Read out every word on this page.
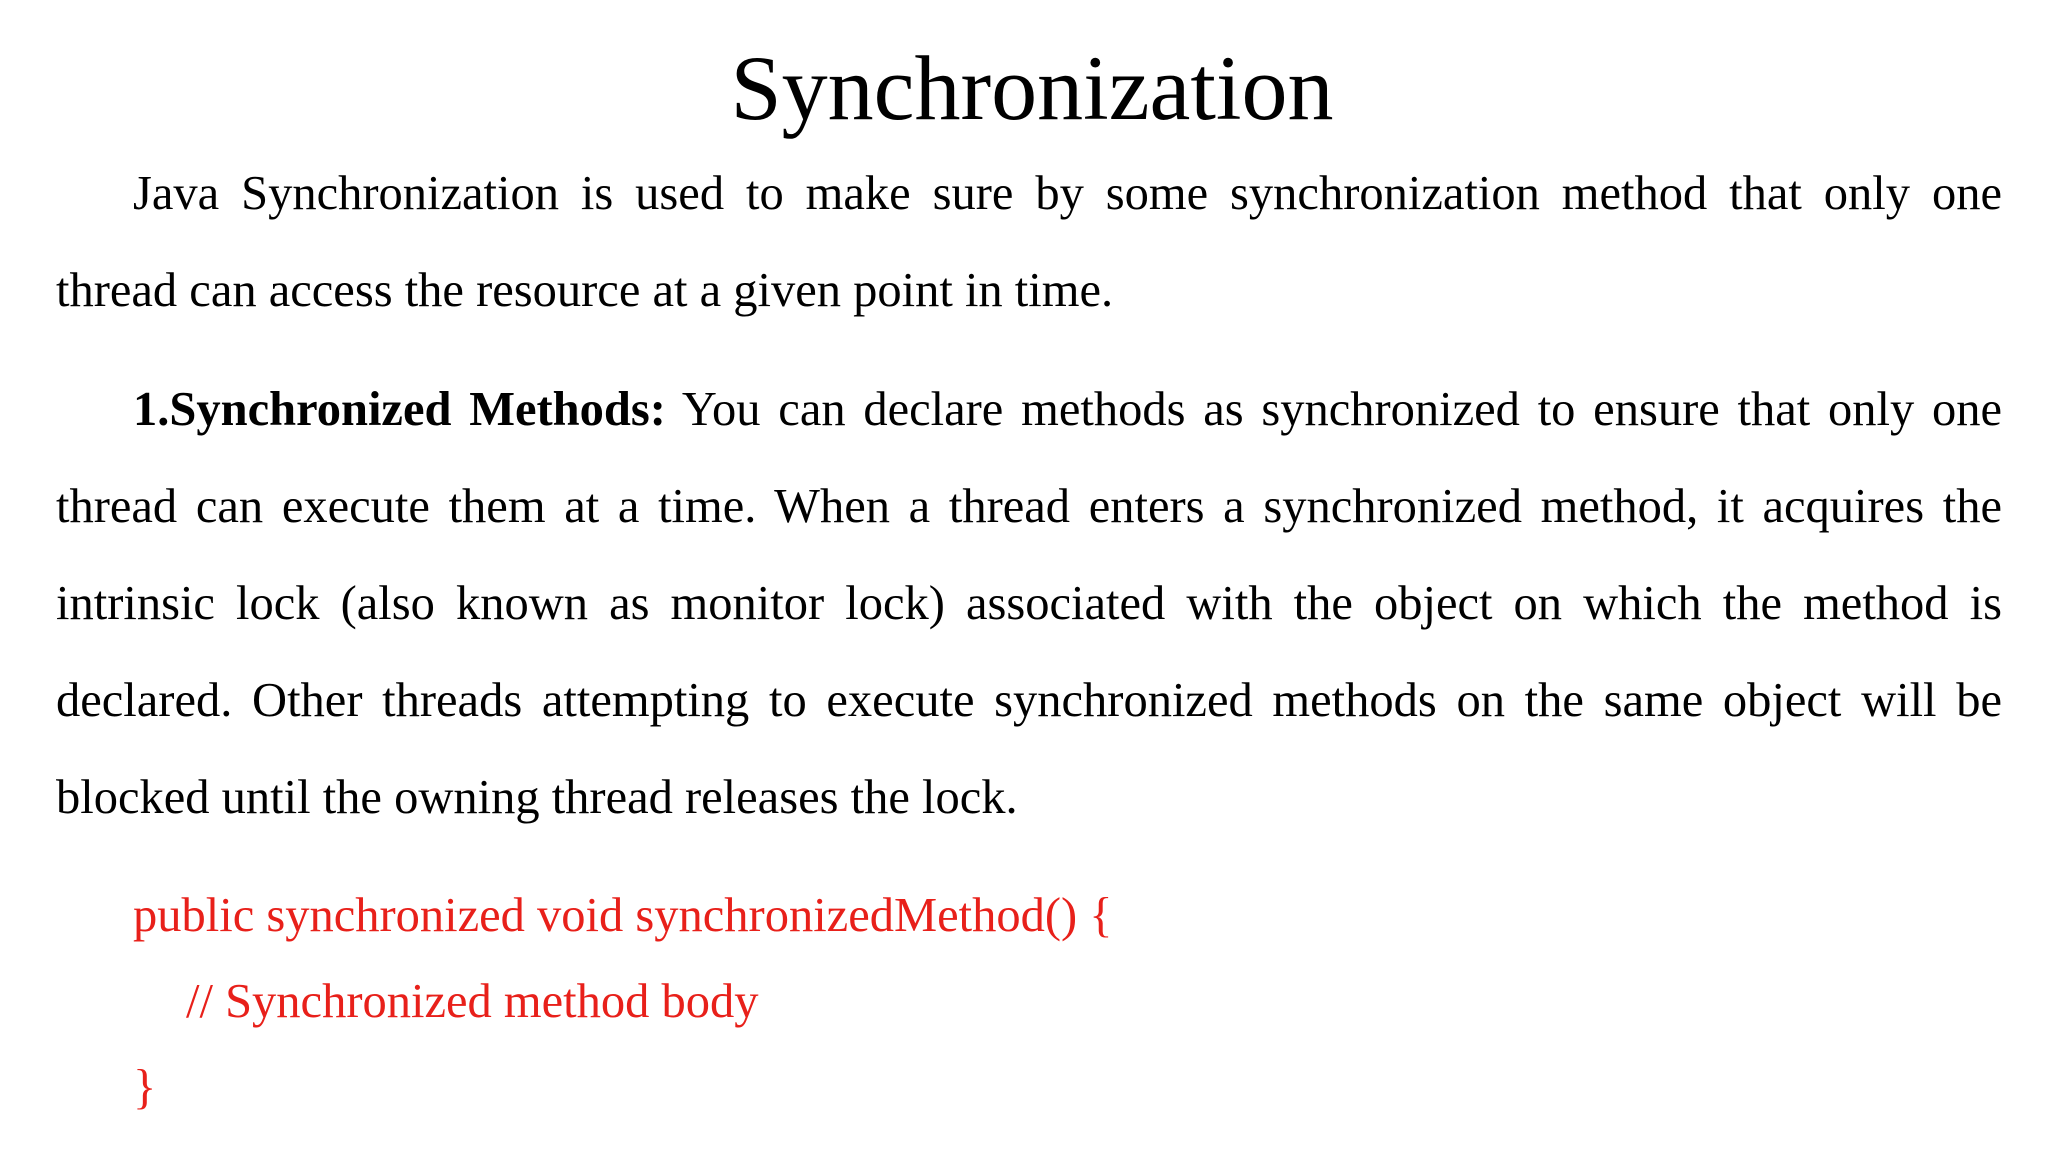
Synchronization

Java Synchronization is used to make sure by some synchronization method that only one thread can access the resource at a given point in time.

1.Synchronized Methods: You can declare methods as synchronized to ensure that only one thread can execute them at a time. When a thread enters a synchronized method, it acquires the intrinsic lock (also known as monitor lock) associated with the object on which the method is declared. Other threads attempting to execute synchronized methods on the same object will be blocked until the owning thread releases the lock.

public synchronized void synchronizedMethod() {
// Synchronized method body
}
